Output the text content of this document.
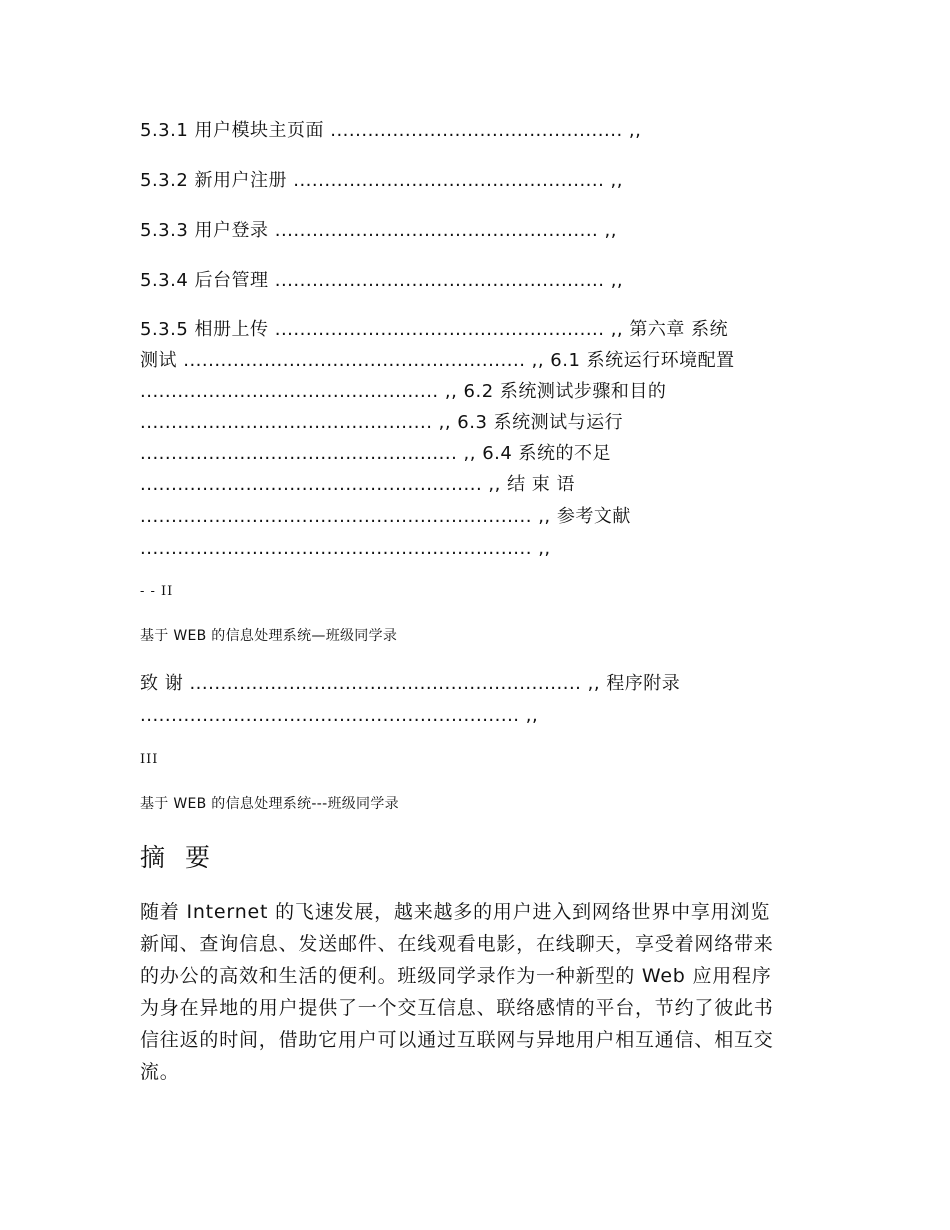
5.3.1 用户模块主页面 ............................................... ,,
5.3.2 新用户注册 .................................................. ,,
5.3.3 用户登录 .................................................... ,,
5.3.4 后台管理 ..................................................... ,,
5.3.5 相册上传 ..................................................... ,, 第六章 系统
测试 ....................................................... ,, 6.1 系统运行环境配置
................................................ ,, 6.2 系统测试步骤和目的
............................................... ,, 6.3 系统测试与运行
................................................... ,, 6.4 系统的不足
....................................................... ,, 结 束 语
............................................................... ,, 参考文献
............................................................... ,,
- - II
基于 WEB 的信息处理系统—班级同学录
致 谢 ............................................................... ,, 程序附录
............................................................. ,,
III
基于 WEB 的信息处理系统---班级同学录
摘 要
随着 Internet 的飞速发展，越来越多的用户进入到网络世界中享用浏览
新闻、查询信息、发送邮件、在线观看电影，在线聊天，享受着网络带来
的办公的高效和生活的便利。班级同学录作为一种新型的 Web 应用程序
为身在异地的用户提供了一个交互信息、联络感情的平台，节约了彼此书
信往返的时间，借助它用户可以通过互联网与异地用户相互通信、相互交
流。
